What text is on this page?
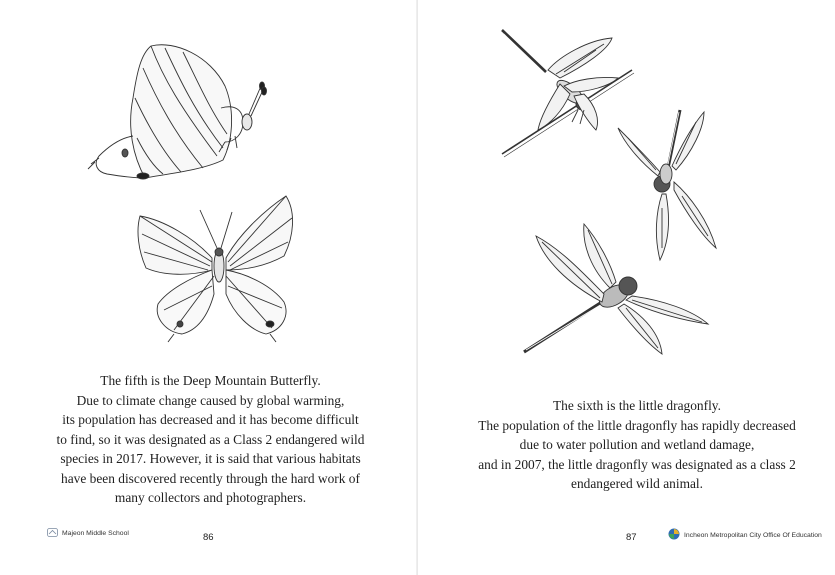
The fifth is the Deep Mountain Butterfly.
Due to climate change caused by global warming,
its population has decreased and it has become difficult
to find, so it was designated as a Class 2 endangered wild
species in 2017. However, it is said that various habitats
have been discovered recently through the hard work of
many collectors and photographers.
Majeon Middle School	86
The sixth is the little dragonfly.
The population of the little dragonfly has rapidly decreased
due to water pollution and wetland damage,
and in 2007, the little dragonfly was designated as a class 2
endangered wild animal.
87	Incheon Metropolitan City Office Of Education
